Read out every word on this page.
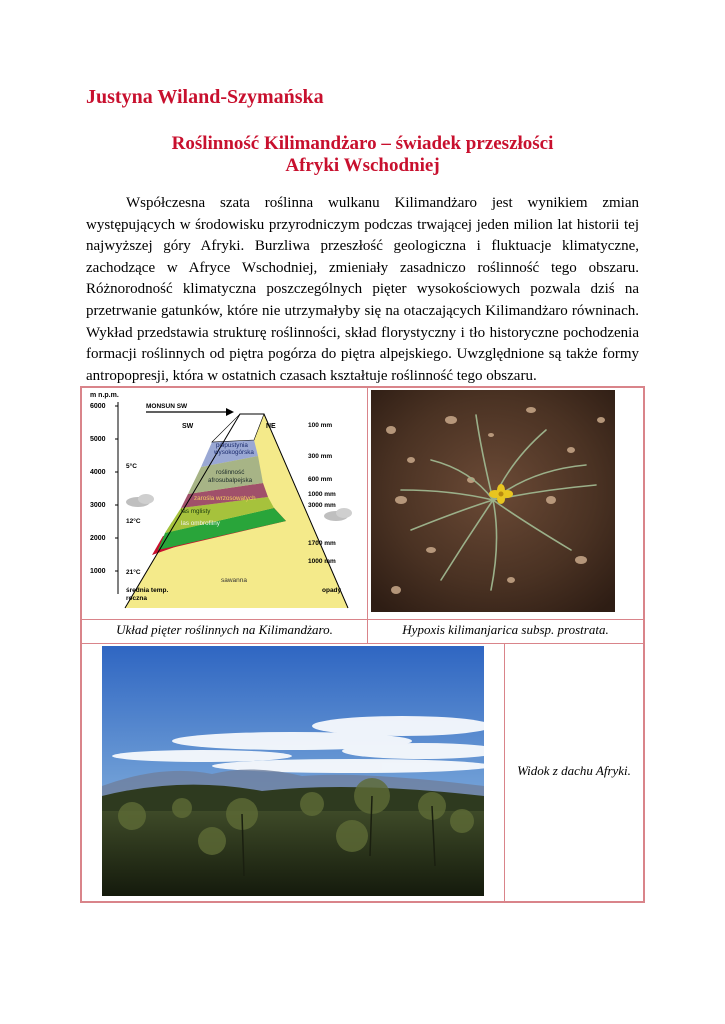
Justyna Wiland-Szymańska
Roślinność Kilimandżaro – świadek przeszłości
Afryki Wschodniej

Współczesna szata roślinna wulkanu Kilimandżaro jest wynikiem zmian występujących w środowisku przyrodniczym podczas trwającej jeden milion lat historii tej najwyższej góry Afryki. Burzliwa przeszłość geologiczna i fluktuacje klimatyczne, zachodzące w Afryce Wschodniej, zmieniały zasadniczo roślinność tego obszaru. Różnorodność klimatyczna poszczególnych pięter wysokościowych pozwala dziś na przetrwanie gatunków, które nie utrzymałyby się na otaczających Kilimandżaro równinach. Wykład przedstawia strukturę roślinności, skład florystyczny i tło historyczne pochodzenia formacji roślinnych od piętra pogórza do piętra alpejskiego. Uwzględnione są także formy antropopresji, która w ostatnich czasach kształtuje roślinność tego obszaru.

m n.p.m.
6000
5000
4000
3000
2000
1000
MONSUN SW
SW	NE
półpustynia
wysokogórska
roślinność
afrosubalpejska
zarośla wrzosowatych
las mglisty
las ombrofilny
sawanna
5°C
12°C
21°C
średnia temp.
roczna
100 mm
300 mm
600 mm
1000 mm
3000 mm
1700 mm
1000 mm
opady
Układ pięter roślinnych na Kilimandżaro.	Hypoxis kilimanjarica subsp. prostrata.
Widok z dachu Afryki.
